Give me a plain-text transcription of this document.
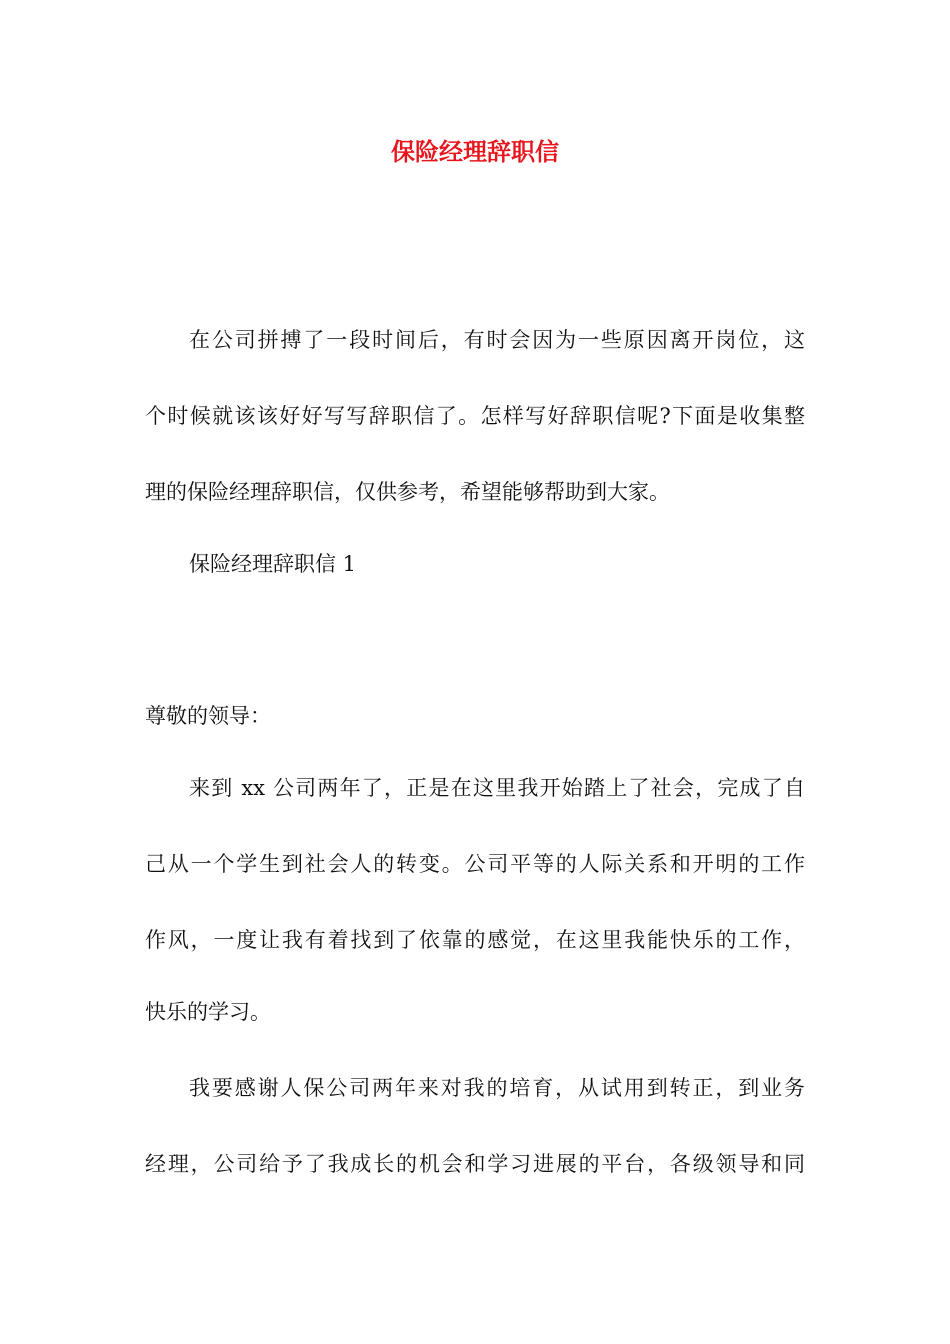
保险经理辞职信

在公司拼搏了一段时间后，有时会因为一些原因离开岗位，这

个时候就该该好好写写辞职信了。怎样写好辞职信呢?下面是收集整

理的保险经理辞职信，仅供参考，希望能够帮助到大家。

保险经理辞职信 1

尊敬的领导：

来到 xx 公司两年了，正是在这里我开始踏上了社会，完成了自

己从一个学生到社会人的转变。公司平等的人际关系和开明的工作

作风，一度让我有着找到了依靠的感觉，在这里我能快乐的工作，

快乐的学习。

我要感谢人保公司两年来对我的培育，从试用到转正，到业务

经理，公司给予了我成长的机会和学习进展的平台，各级领导和同
